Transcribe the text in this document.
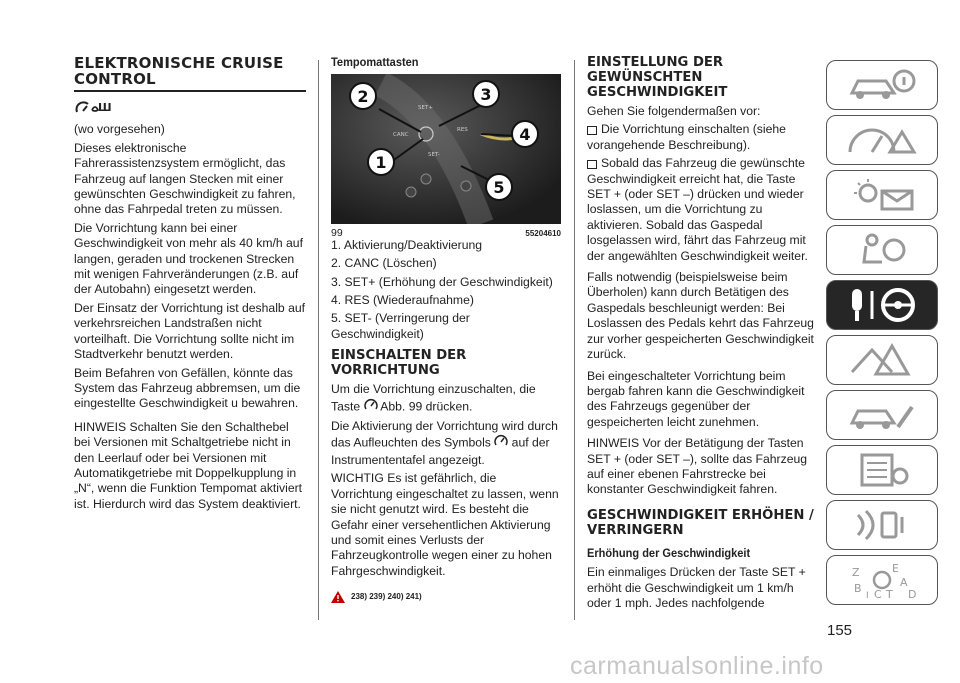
ELEKTRONISCHE CRUISE CONTROL
Ш

(wo vorgesehen)

Dieses elektronische Fahrerassistenzsystem ermöglicht, das Fahrzeug auf langen Stecken mit einer gewünschten Geschwindigkeit zu fahren, ohne das Fahrpedal treten zu müssen.

Die Vorrichtung kann bei einer Geschwindigkeit von mehr als 40 km/h auf langen, geraden und trockenen Strecken mit wenigen Fahrveränderungen (z.B. auf der Autobahn) eingesetzt werden.

Der Einsatz der Vorrichtung ist deshalb auf verkehrsreichen Landstraßen nicht vorteilhaft. Die Vorrichtung sollte nicht im Stadtverkehr benutzt werden.

Beim Befahren von Gefällen, könnte das System das Fahrzeug abbremsen, um die eingestellte Geschwindigkeit u bewahren.

HINWEIS Schalten Sie den Schalthebel bei Versionen mit Schaltgetriebe nicht in den Leerlauf oder bei Versionen mit Automatikgetriebe mit Doppelkupplung in „N“, wenn die Funktion Tempomat aktiviert ist. Hierdurch wird das System deaktiviert.

Tempomattasten
CANC
SET+
RES
SET-
2	3
4
1
5
99	55204610

1. Aktivierung/Deaktivierung

2. CANC (Löschen)

3. SET+ (Erhöhung der Geschwindigkeit)

4. RES (Wiederaufnahme)

5. SET- (Verringerung der Geschwindigkeit)

EINSCHALTEN DER VORRICHTUNG

Um die Vorrichtung einzuschalten, die Taste Abb. 99 drücken.

Die Aktivierung der Vorrichtung wird durch das Aufleuchten des Symbols auf der Instrumententafel angezeigt.

WICHTIG Es ist gefährlich, die Vorrichtung eingeschaltet zu lassen, wenn sie nicht genutzt wird. Es besteht die Gefahr einer versehentlichen Aktivierung und somit eines Verlusts der Fahrzeugkontrolle wegen einer zu hohen Fahrgeschwindigkeit.

238) 239) 240) 241)
EINSTELLUNG DER GEWÜNSCHTEN GESCHWINDIGKEIT

Gehen Sie folgendermaßen vor:

Die Vorrichtung einschalten (siehe vorangehende Beschreibung).

Sobald das Fahrzeug die gewünschte Geschwindigkeit erreicht hat, die Taste SET + (oder SET –) drücken und wieder loslassen, um die Vorrichtung zu aktivieren. Sobald das Gaspedal losgelassen wird, fährt das Fahrzeug mit der angewählten Geschwindigkeit weiter.

Falls notwendig (beispielsweise beim Überholen) kann durch Betätigen des Gaspedals beschleunigt werden: Bei Loslassen des Pedals kehrt das Fahrzeug zur vorher gespeicherten Geschwindigkeit zurück.

Bei eingeschalteter Vorrichtung beim bergab fahren kann die Geschwindigkeit des Fahrzeugs gegenüber der gespeicherten leicht zunehmen.

HINWEIS Vor der Betätigung der Tasten SET + (oder SET –), sollte das Fahrzeug auf einer ebenen Fahrstrecke bei konstanter Geschwindigkeit fahren.

GESCHWINDIGKEIT ERHÖHEN / VERRINGERN
Erhöhung der Geschwindigkeit

Ein einmaliges Drücken der Taste SET + erhöht die Geschwindigkeit um 1 km/h oder 1 mph. Jedes nachfolgende

Z
B
E
I C T
A
D
155
carmanualsonline.info
